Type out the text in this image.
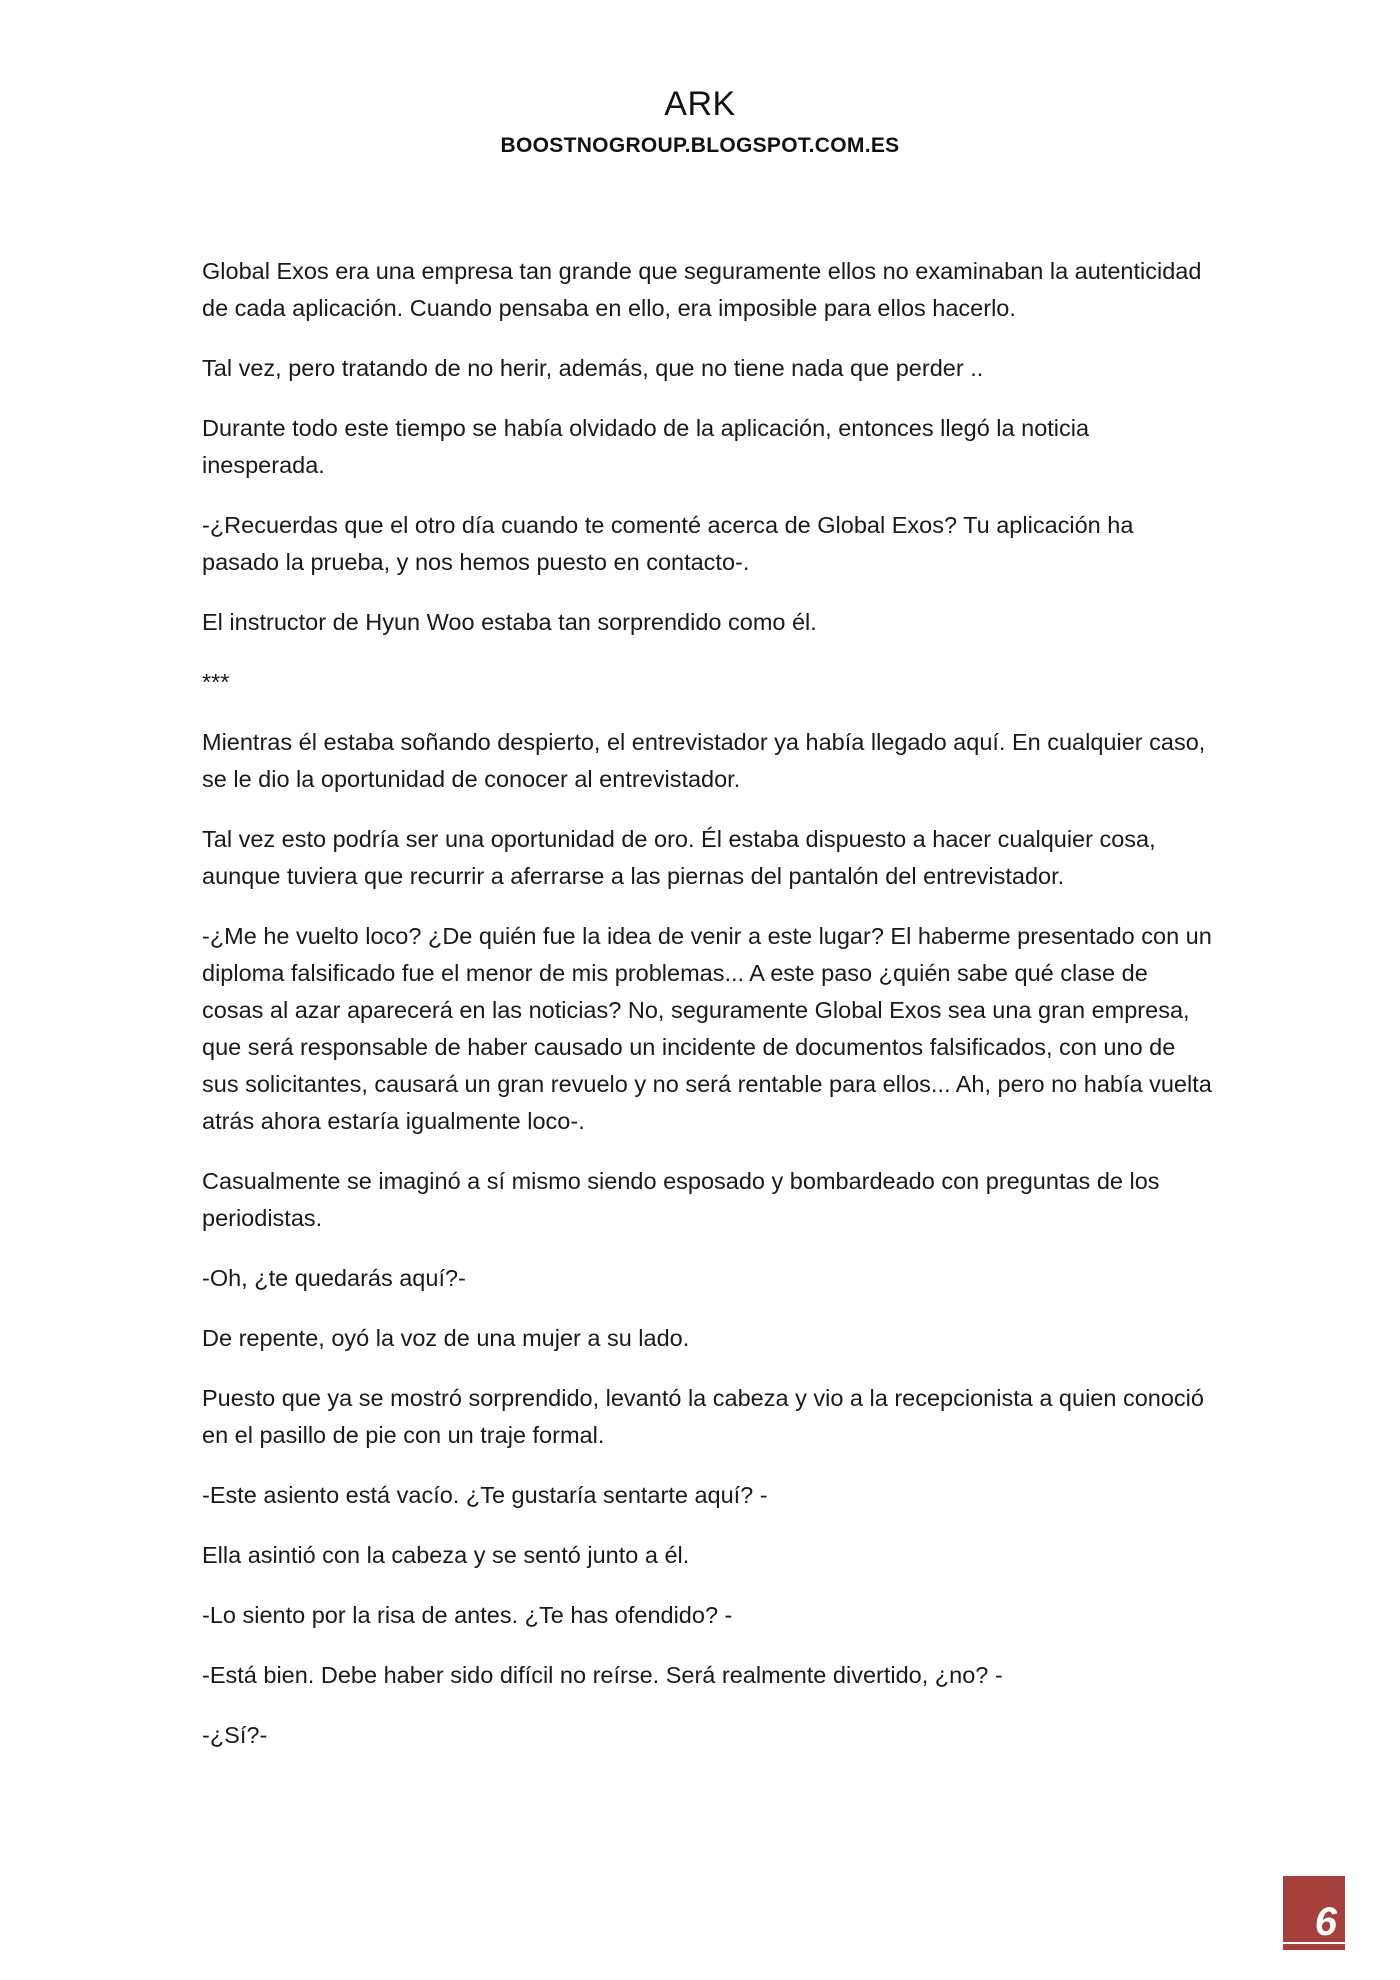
ARK
BOOSTNOGROUP.BLOGSPOT.COM.ES

Global Exos era una empresa tan grande que seguramente ellos no examinaban la autenticidad de cada aplicación. Cuando pensaba en ello, era imposible para ellos hacerlo.

Tal vez, pero tratando de no herir, además, que no tiene nada que perder ..

Durante todo este tiempo se había olvidado de la aplicación, entonces llegó la noticia inesperada.

-¿Recuerdas que el otro día cuando te comenté acerca de Global Exos? Tu aplicación ha pasado la prueba, y nos hemos puesto en contacto-.

El instructor de Hyun Woo estaba tan sorprendido como él.

***

Mientras él estaba soñando despierto, el entrevistador ya había llegado aquí. En cualquier caso, se le dio la oportunidad de conocer al entrevistador.

Tal vez esto podría ser una oportunidad de oro. Él estaba dispuesto a hacer cualquier cosa, aunque tuviera que recurrir a aferrarse a las piernas del pantalón del entrevistador.

-¿Me he vuelto loco? ¿De quién fue la idea de venir a este lugar? El haberme presentado con un diploma falsificado fue el menor de mis problemas... A este paso ¿quién sabe qué clase de cosas al azar aparecerá en las noticias? No, seguramente Global Exos sea una gran empresa, que será responsable de haber causado un incidente de documentos falsificados, con uno de sus solicitantes, causará un gran revuelo y no será rentable para ellos... Ah, pero no había vuelta atrás ahora estaría igualmente loco-.

Casualmente se imaginó a sí mismo siendo esposado y bombardeado con preguntas de los periodistas.

-Oh, ¿te quedarás aquí?-

De repente, oyó la voz de una mujer a su lado.

Puesto que ya se mostró sorprendido, levantó la cabeza y vio a la recepcionista a quien conoció en el pasillo de pie con un traje formal.

-Este asiento está vacío. ¿Te gustaría sentarte aquí? -

Ella asintió con la cabeza y se sentó junto a él.

-Lo siento por la risa de antes. ¿Te has ofendido? -

-Está bien. Debe haber sido difícil no reírse. Será realmente divertido, ¿no? -

-¿Sí?-

6
